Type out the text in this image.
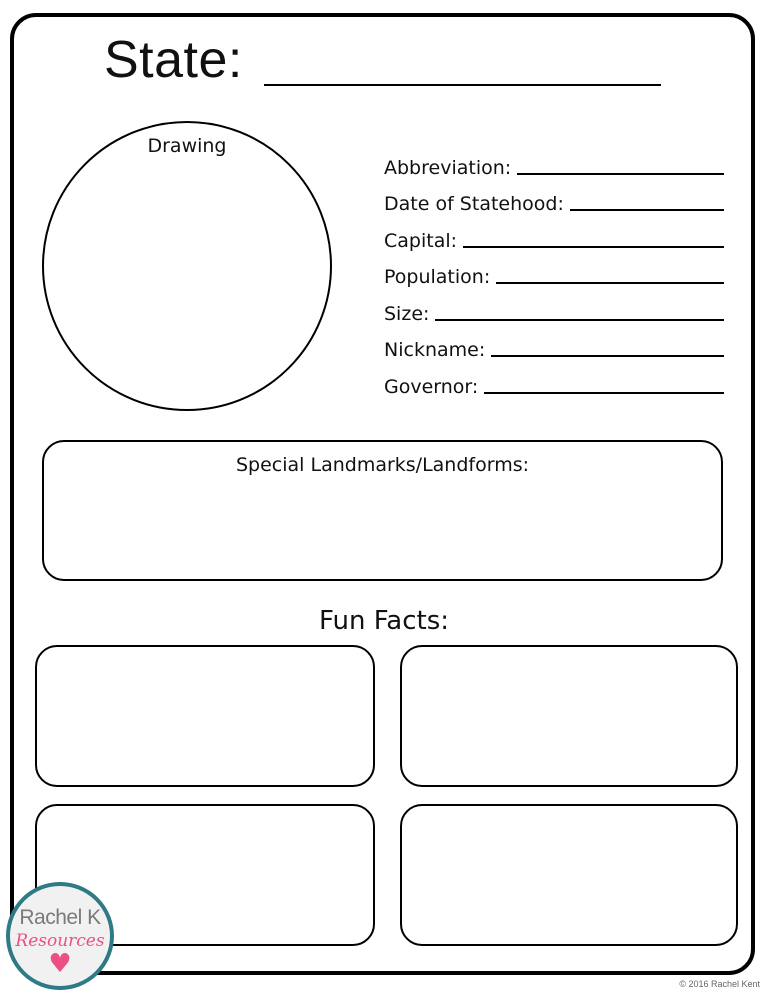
State:
Drawing
Abbreviation:
Date of Statehood:
Capital:
Population:
Size:
Nickname:
Governor:
Special Landmarks/Landforms:
Fun Facts:
Rachel K
Resources
♥
© 2016 Rachel Kent
